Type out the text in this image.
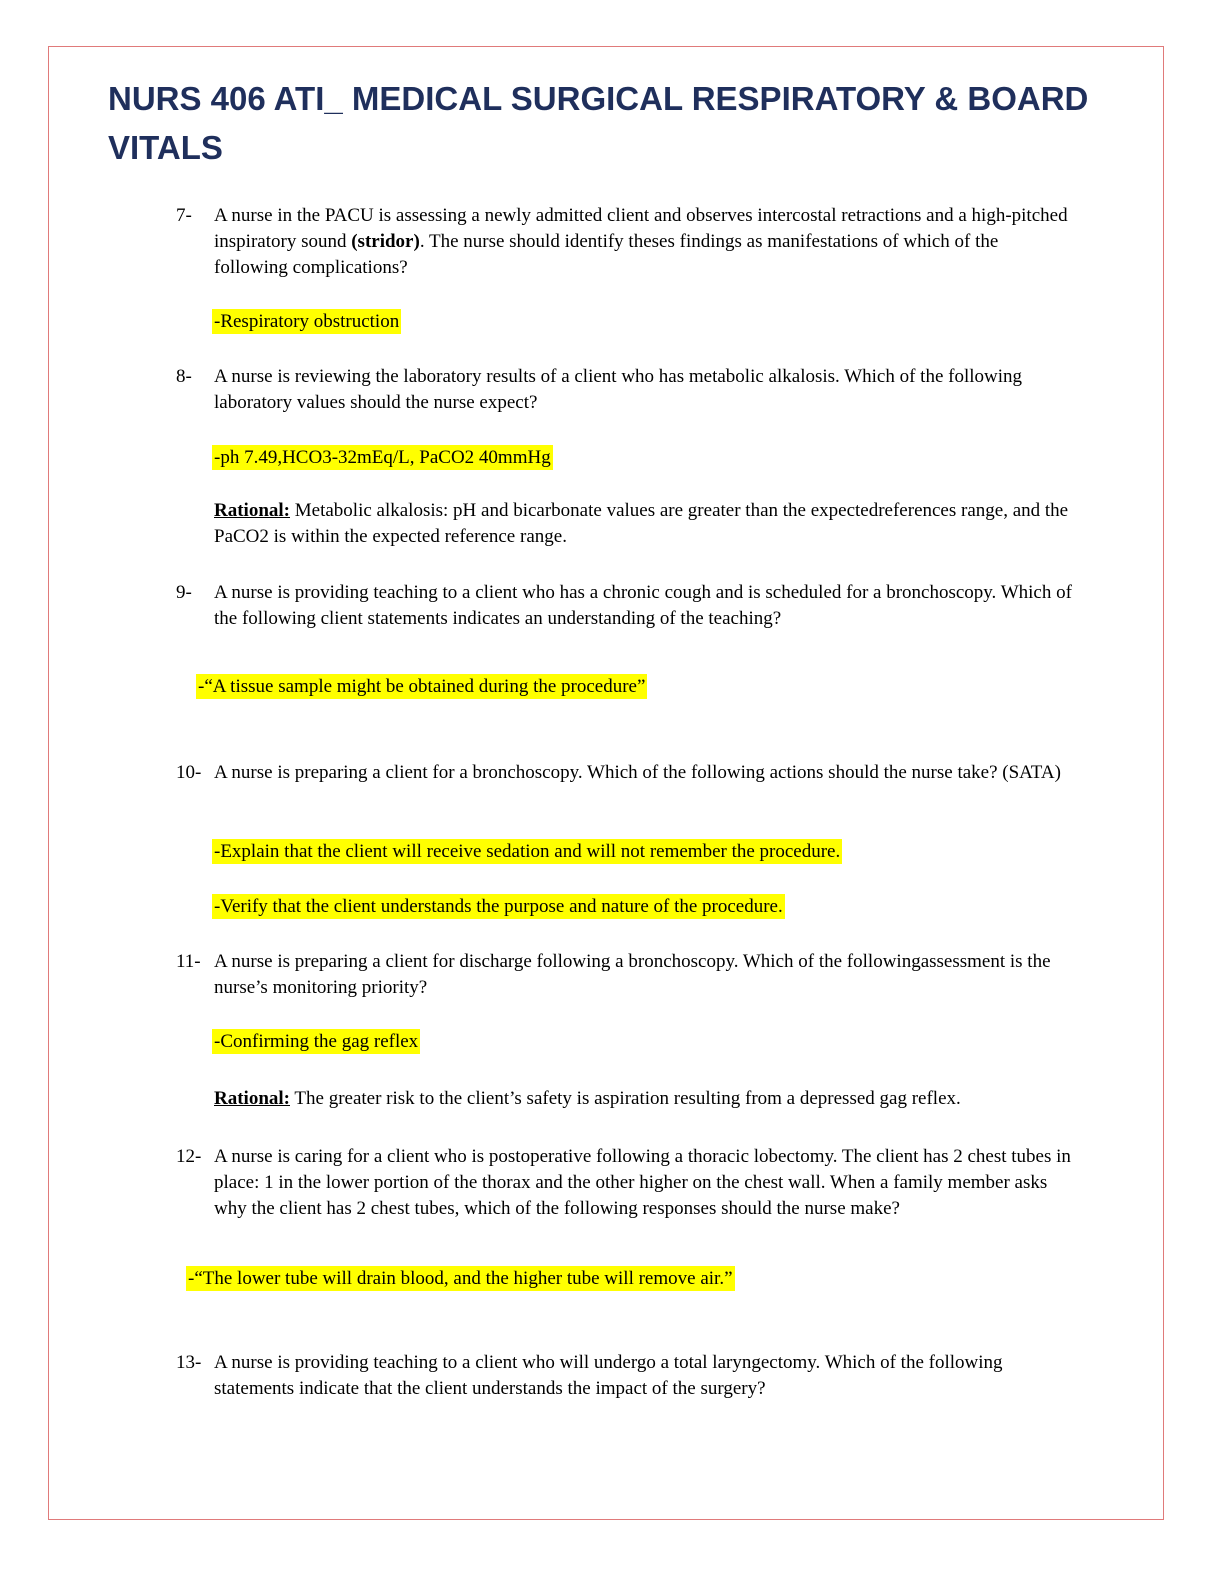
NURS 406 ATI_ MEDICAL SURGICAL RESPIRATORY & BOARD VITALS
7- A nurse in the PACU is assessing a newly admitted client and observes intercostal retractions and a high-pitched inspiratory sound (stridor). The nurse should identify theses findings as manifestations of which of the following complications?
-Respiratory obstruction
8- A nurse is reviewing the laboratory results of a client who has metabolic alkalosis. Which of the following laboratory values should the nurse expect?
-ph 7.49,HCO3-32mEq/L, PaCO2 40mmHg
Rational: Metabolic alkalosis: pH and bicarbonate values are greater than the expectedreferences range, and the PaCO2 is within the expected reference range.
9- A nurse is providing teaching to a client who has a chronic cough and is scheduled for a bronchoscopy. Which of the following client statements indicates an understanding of the teaching?
-“A tissue sample might be obtained during the procedure”
10- A nurse is preparing a client for a bronchoscopy. Which of the following actions should the nurse take? (SATA)
-Explain that the client will receive sedation and will not remember the procedure.
-Verify that the client understands the purpose and nature of the procedure.
11- A nurse is preparing a client for discharge following a bronchoscopy. Which of the followingassessment is the nurse’s monitoring priority?
-Confirming the gag reflex
Rational: The greater risk to the client’s safety is aspiration resulting from a depressed gag reflex.
12- A nurse is caring for a client who is postoperative following a thoracic lobectomy. The client has 2 chest tubes in place: 1 in the lower portion of the thorax and the other higher on the chest wall. When a family member asks why the client has 2 chest tubes, which of the following responses should the nurse make?
-“The lower tube will drain blood, and the higher tube will remove air.”
13- A nurse is providing teaching to a client who will undergo a total laryngectomy. Which of the following statements indicate that the client understands the impact of the surgery?
